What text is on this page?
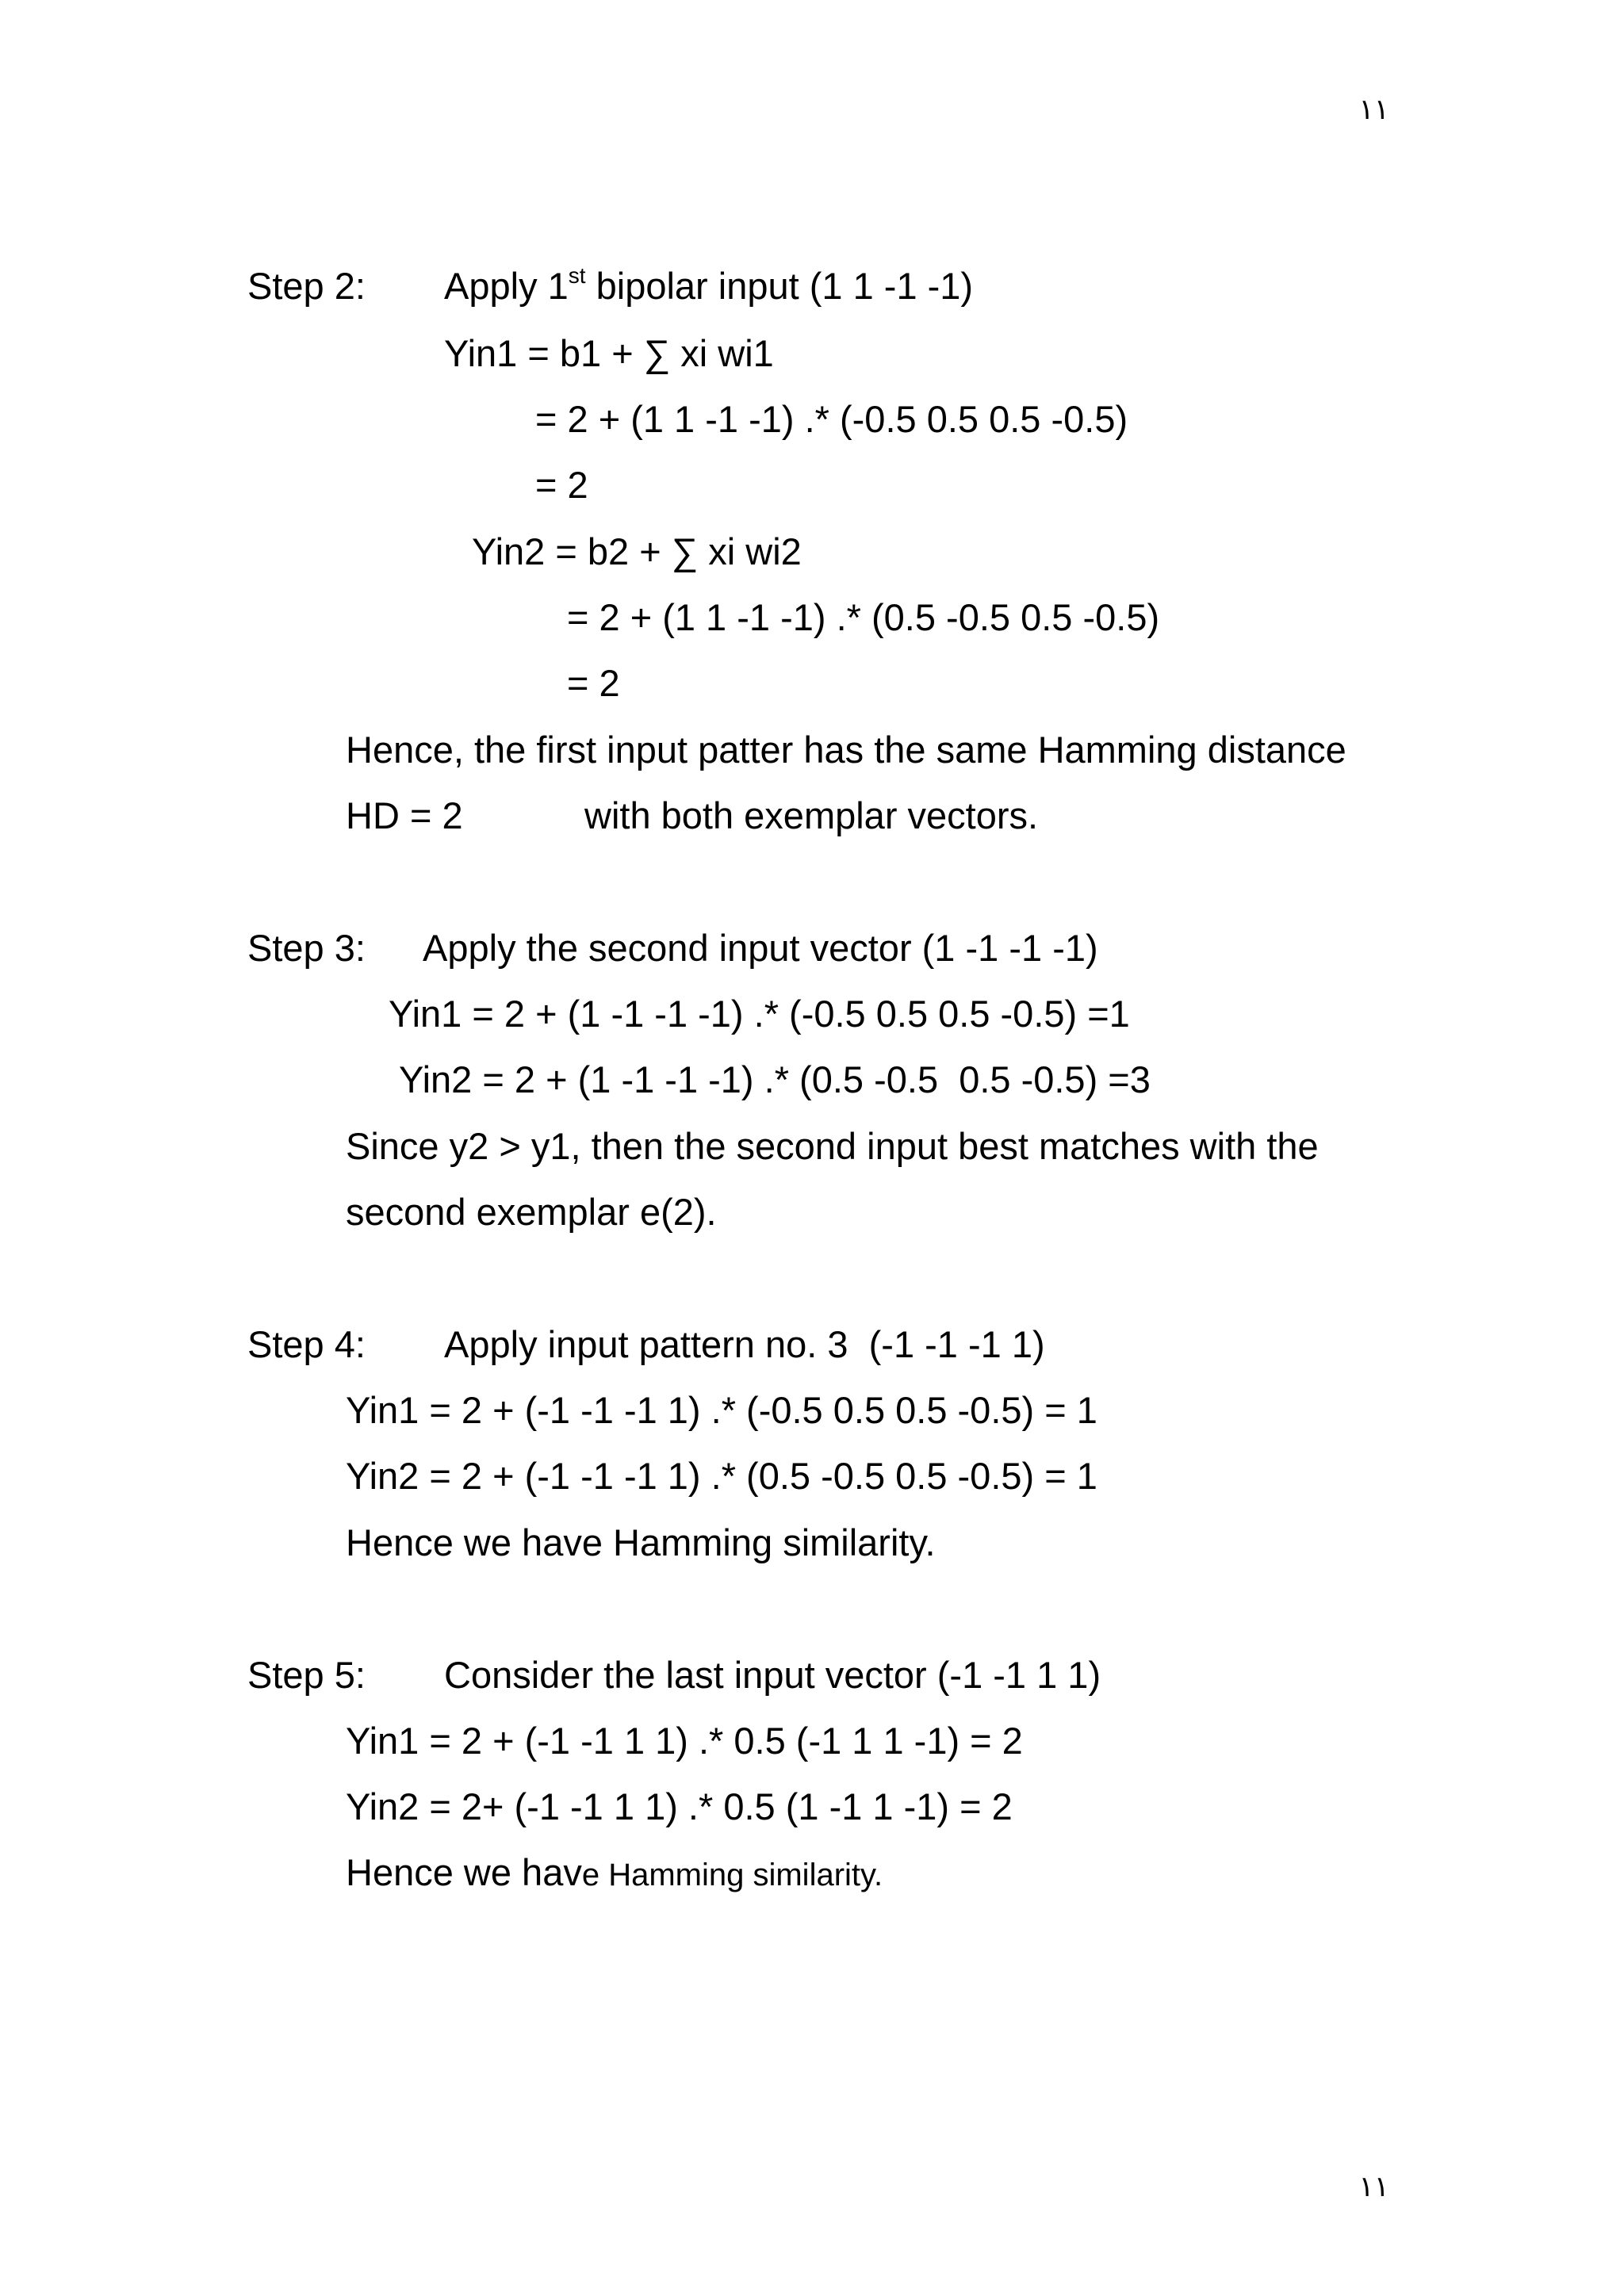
١١
Step 2: Apply 1st bipolar input (1 1 -1 -1)
Yin1 = b1 + ∑ xi wi1
= 2 + (1 1 -1 -1) .* (-0.5 0.5 0.5 -0.5)
= 2
Yin2 = b2 + ∑ xi wi2
= 2 + (1 1 -1 -1) .* (0.5 -0.5 0.5 -0.5)
= 2
Hence, the first input patter has the same Hamming distance
HD = 2	with both exemplar vectors.
Step 3: Apply the second input vector (1 -1 -1 -1)
Yin1 = 2 + (1 -1 -1 -1) .* (-0.5 0.5 0.5 -0.5) =1
Yin2 = 2 + (1 -1 -1 -1) .* (0.5 -0.5  0.5 -0.5) =3
Since y2 > y1, then the second input best matches with the
second exemplar e(2).
Step 4: Apply input pattern no. 3  (-1 -1 -1 1)
Yin1 = 2 + (-1 -1 -1 1) .* (-0.5 0.5 0.5 -0.5) = 1
Yin2 = 2 + (-1 -1 -1 1) .* (0.5 -0.5 0.5 -0.5) = 1
Hence we have Hamming similarity.
Step 5: Consider the last input vector (-1 -1 1 1)
Yin1 = 2 + (-1 -1 1 1) .* 0.5 (-1 1 1 -1) = 2
Yin2 = 2+ (-1 -1 1 1) .* 0.5 (1 -1 1 -1) = 2
Hence we have Hamming similarity.
١١
